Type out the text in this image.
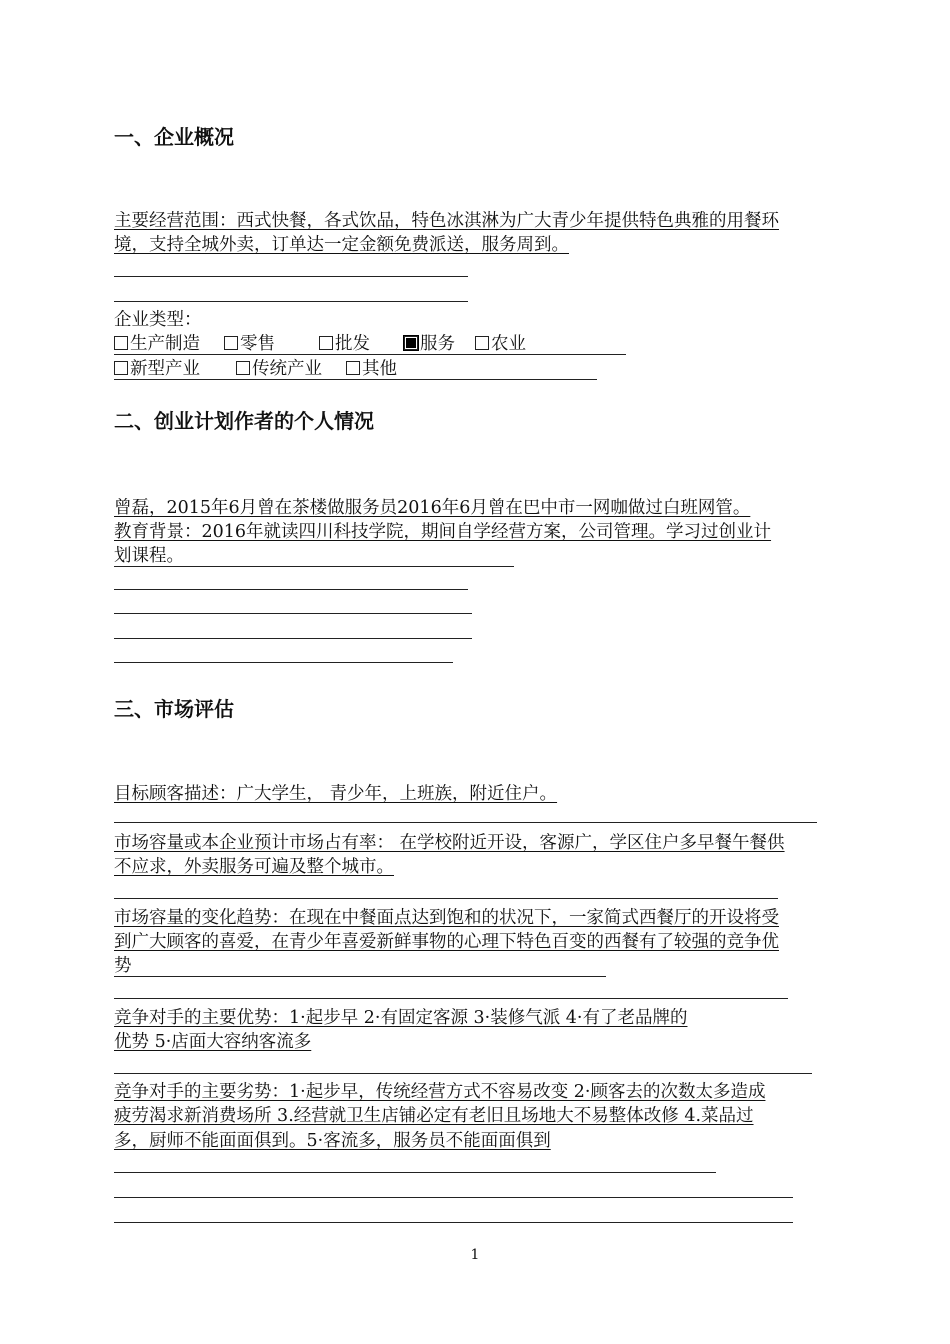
一、企业概况
主要经营范围：西式快餐，各式饮品，特色冰淇淋为广大青少年提供特色典雅的用餐环
境，支持全城外卖，订单达一定金额免费派送，服务周到。
企业类型：
生产制造 零售	批发	服务 农业
新型产业	传统产业 其他
二、创业计划作者的个人情况
曾磊，2015年6月曾在茶楼做服务员2016年6月曾在巴中市一网咖做过白班网管。
教育背景：2016年就读四川科技学院，期间自学经营方案，公司管理。学习过创业计
划课程。
三、市场评估
目标顾客描述：广大学生， 青少年，上班族，附近住户。
市场容量或本企业预计市场占有率： 在学校附近开设，客源广，学区住户多早餐午餐供
不应求，外卖服务可遍及整个城市。
市场容量的变化趋势：在现在中餐面点达到饱和的状况下，一家简式西餐厅的开设将受
到广大顾客的喜爱，在青少年喜爱新鲜事物的心理下特色百变的西餐有了较强的竞争优
势
竞争对手的主要优势：1·起步早 2·有固定客源 3·装修气派 4·有了老品牌的
优势 5·店面大容纳客流多
竞争对手的主要劣势：1·起步早，传统经营方式不容易改变 2·顾客去的次数太多造成
疲劳渴求新消费场所 3.经营就卫生店铺必定有老旧且场地大不易整体改修 4.菜品过
多，厨师不能面面俱到。5·客流多，服务员不能面面俱到
1
